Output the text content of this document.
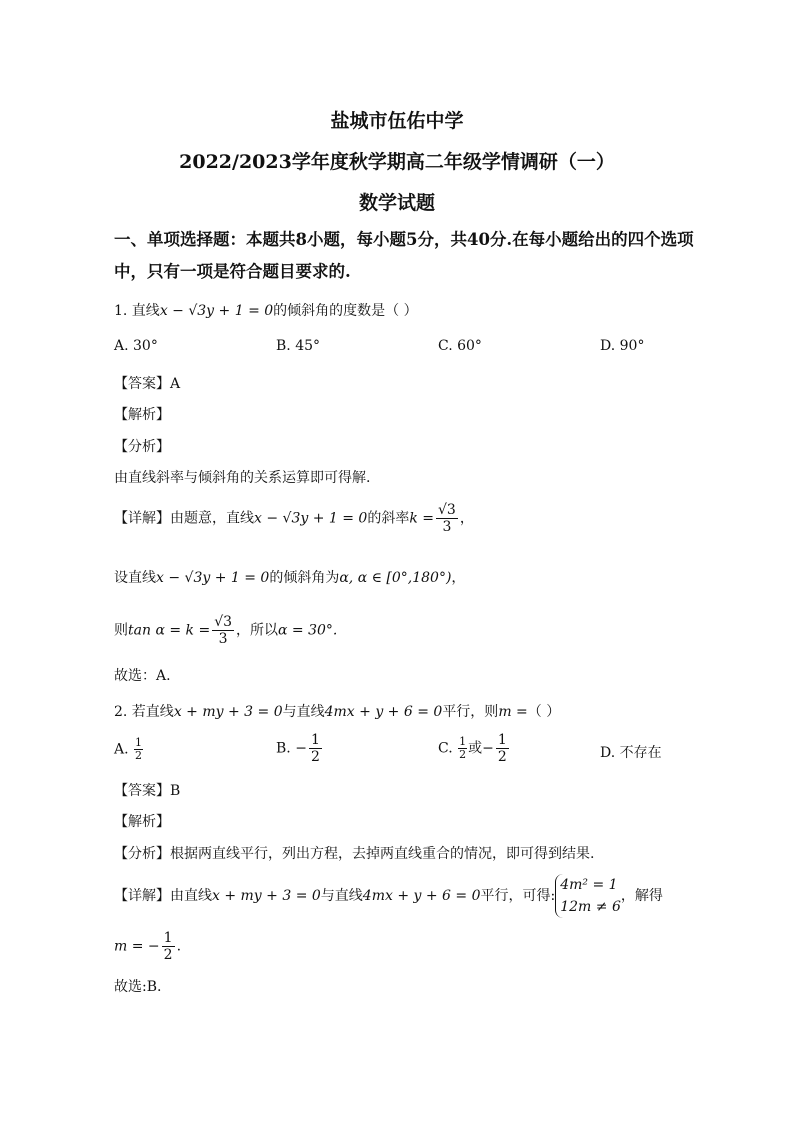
盐城市伍佑中学
2022/2023学年度秋学期高二年级学情调研（一）
数学试题
一、单项选择题：本题共8小题，每小题5分，共40分.在每小题给出的四个选项
中，只有一项是符合题目要求的.
1. 直线x − √3y + 1 = 0的倾斜角的度数是（ ）
A. 30°	B. 45°	C. 60°	D. 90°
【答案】A
【解析】
【分析】
由直线斜率与倾斜角的关系运算即可得解.
【详解】由题意，直线x − √3y + 1 = 0的斜率$k = \frac{√3}{3}$ ，
设直线x − √3y + 1 = 0的倾斜角为α, α ∈ [0°,180°)，
则$\tan \alpha = k = \frac{√3}{3}$ ，所以α = 30°.
故选：A.
2. 若直线x + my + 3 = 0与直线4mx + y + 6 = 0平行，则m =（ ）
A. $\frac{1}{2}$	B. − $\frac{1}{2}$	C. $\frac{1}{2}$ 或− $\frac{1}{2}$	D. 不存在
【答案】B
【解析】
【分析】根据两直线平行，列出方程，去掉两直线重合的情况，即可得到结果.
【详解】由直线x + my + 3 = 0与直线4mx + y + 6 = 0平行，可得:
4m² = 1
12m ≠ 6
，解得
m = − $\frac{1}{2}$ .
故选:B.
